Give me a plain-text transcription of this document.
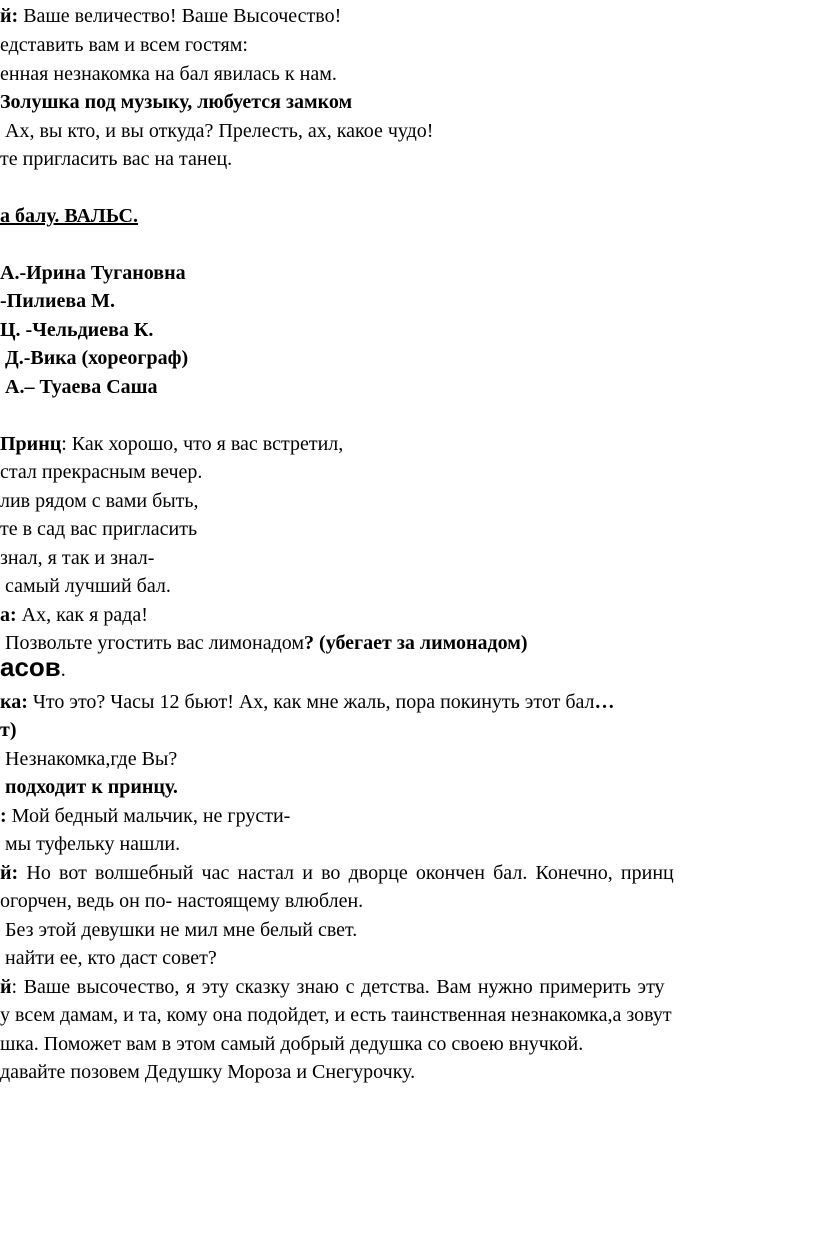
й: Ваше величество! Ваше Высочество!
едставить вам и всем гостям:
енная незнакомка на бал явилась к нам.
Золушка под музыку, любуется замком
Ах, вы кто, и вы откуда? Прелесть, ах, какое чудо!
те пригласить вас на танец.
а балу. ВАЛЬС.
А.-Ирина Тугановна
-Пилиева М.
Ц. -Чельдиева К.
Д.-Вика (хореограф)
А.– Туаева Саша
Принц: Как хорошо, что я вас встретил,
стал прекрасным вечер.
лив рядом с вами быть,
те в сад вас пригласить
знал, я так и знал-
самый лучший бал.
а: Ах, как я рада!
Позвольте угостить вас лимонадом? (убегает за лимонадом)
асов.
ка: Что это? Часы 12 бьют! Ах, как мне жаль, пора покинуть этот бал…
т)
Незнакомка,где Вы?
подходит к принцу.
: Мой бедный мальчик, не грусти-
мы туфельку нашли.
й: Но вот волшебный час настал и во дворце окончен бал. Конечно, принц
огорчен, ведь он по- настоящему влюблен.
Без этой девушки не мил мне белый свет.
найти ее, кто даст совет?
й: Ваше высочество, я эту сказку знаю с детства. Вам нужно примерить эту
у всем дамам, и та, кому она подойдет, и есть таинственная незнакомка,а зовут
шка. Поможет вам в этом самый добрый дедушка со своею внучкой.
давайте позовем Дедушку Мороза и Снегурочку.
